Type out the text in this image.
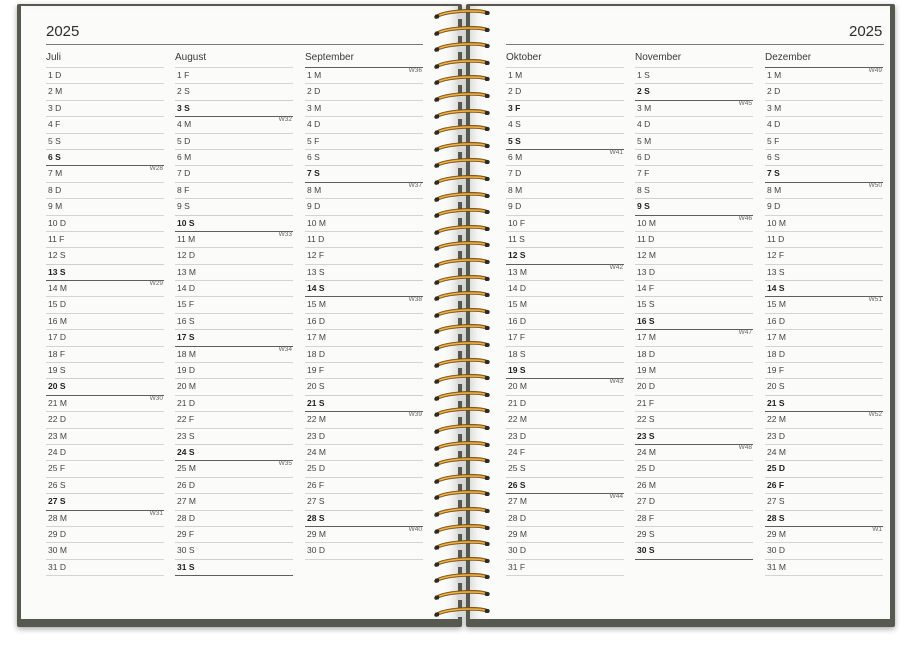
2025	2025
Juli
1 D
2 M
3 D
4 F
5 S
6 S
7 M	W28
8 D
9 M
10 D
11 F
12 S
13 S
14 M	W29
15 D
16 M
17 D
18 F
19 S
20 S
21 M	W30
22 D
23 M
24 D
25 F
26 S
27 S
28 M	W31
29 D
30 M
31 D
August
1 F
2 S
3 S
4 M	W32
5 D
6 M
7 D
8 F
9 S
10 S
11 M	W33
12 D
13 M
14 D
15 F
16 S
17 S
18 M	W34
19 D
20 M
21 D
22 F
23 S
24 S
25 M	W35
26 D
27 M
28 D
29 F
30 S
31 S
September
1 M	W36
2 D
3 M
4 D
5 F
6 S
7 S
8 M	W37
9 D
10 M
11 D
12 F
13 S
14 S
15 M	W38
16 D
17 M
18 D
19 F
20 S
21 S
22 M	W39
23 D
24 M
25 D
26 F
27 S
28 S
29 M	W40
30 D
Oktober
1 M
2 D
3 F
4 S
5 S
6 M	W41
7 D
8 M
9 D
10 F
11 S
12 S
13 M	W42
14 D
15 M
16 D
17 F
18 S
19 S
20 M	W43
21 D
22 M
23 D
24 F
25 S
26 S
27 M	W44
28 D
29 M
30 D
31 F
November
1 S
2 S
3 M	W45
4 D
5 M
6 D
7 F
8 S
9 S
10 M	W46
11 D
12 M
13 D
14 F
15 S
16 S
17 M	W47
18 D
19 M
20 D
21 F
22 S
23 S
24 M	W48
25 D
26 M
27 D
28 F
29 S
30 S
Dezember
1 M	W49
2 D
3 M
4 D
5 F
6 S
7 S
8 M	W50
9 D
10 M
11 D
12 F
13 S
14 S
15 M	W51
16 D
17 M
18 D
19 F
20 S
21 S
22 M	W52
23 D
24 M
25 D
26 F
27 S
28 S
29 M	W1
30 D
31 M
